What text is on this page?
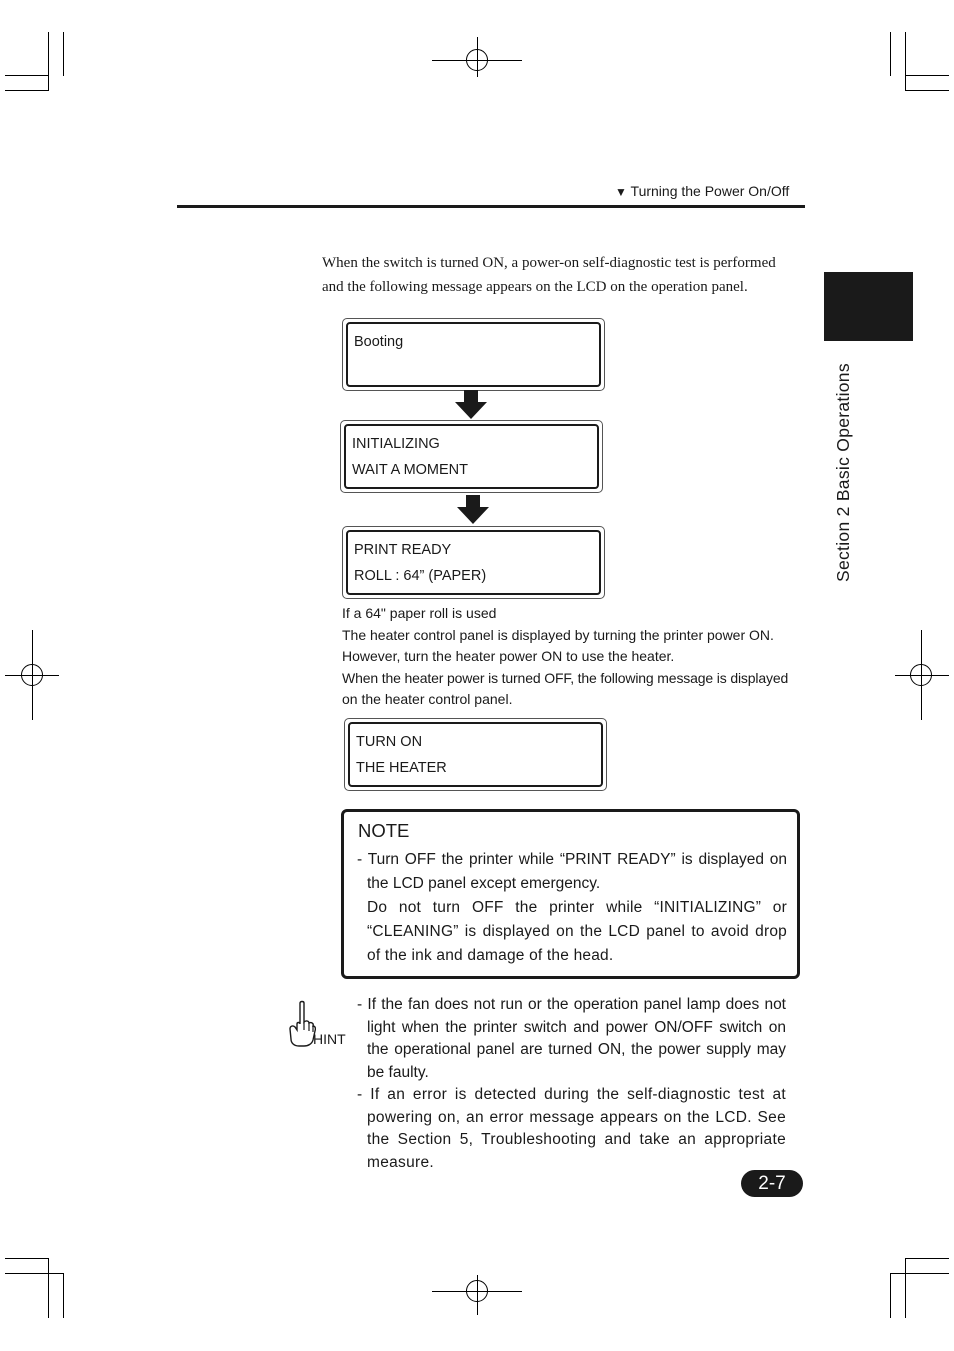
▼ Turning the Power On/Off
Section 2 Basic Operations
When the switch is turned ON, a power-on self-diagnostic test is performed
and the following message appears on the LCD on the operation panel.
Booting
INITIALIZING
WAIT A MOMENT
PRINT READY
ROLL : 64” (PAPER)
If a 64" paper roll is used
The heater control panel is displayed by turning the printer power ON.
However, turn the heater power ON to use the heater.
When the heater power is turned OFF, the following message is displayed
on the heater control panel.
TURN ON
THE HEATER
NOTE

- Turn OFF the printer while “PRINT READY” is displayed on the LCD panel except emergency.

Do not turn OFF the printer while “INITIALIZING” or “CLEANING” is displayed on the LCD panel to avoid drop of the ink and damage of the head.

HINT

- If the fan does not run or the operation panel lamp does not light when the printer switch and power ON/OFF switch on the operational panel are turned ON, the power supply may be faulty.

- If an error is detected during the self-diagnostic test at powering on, an error message appears on the LCD. See the Section 5, Troubleshooting and take an appropriate measure.

2-7
